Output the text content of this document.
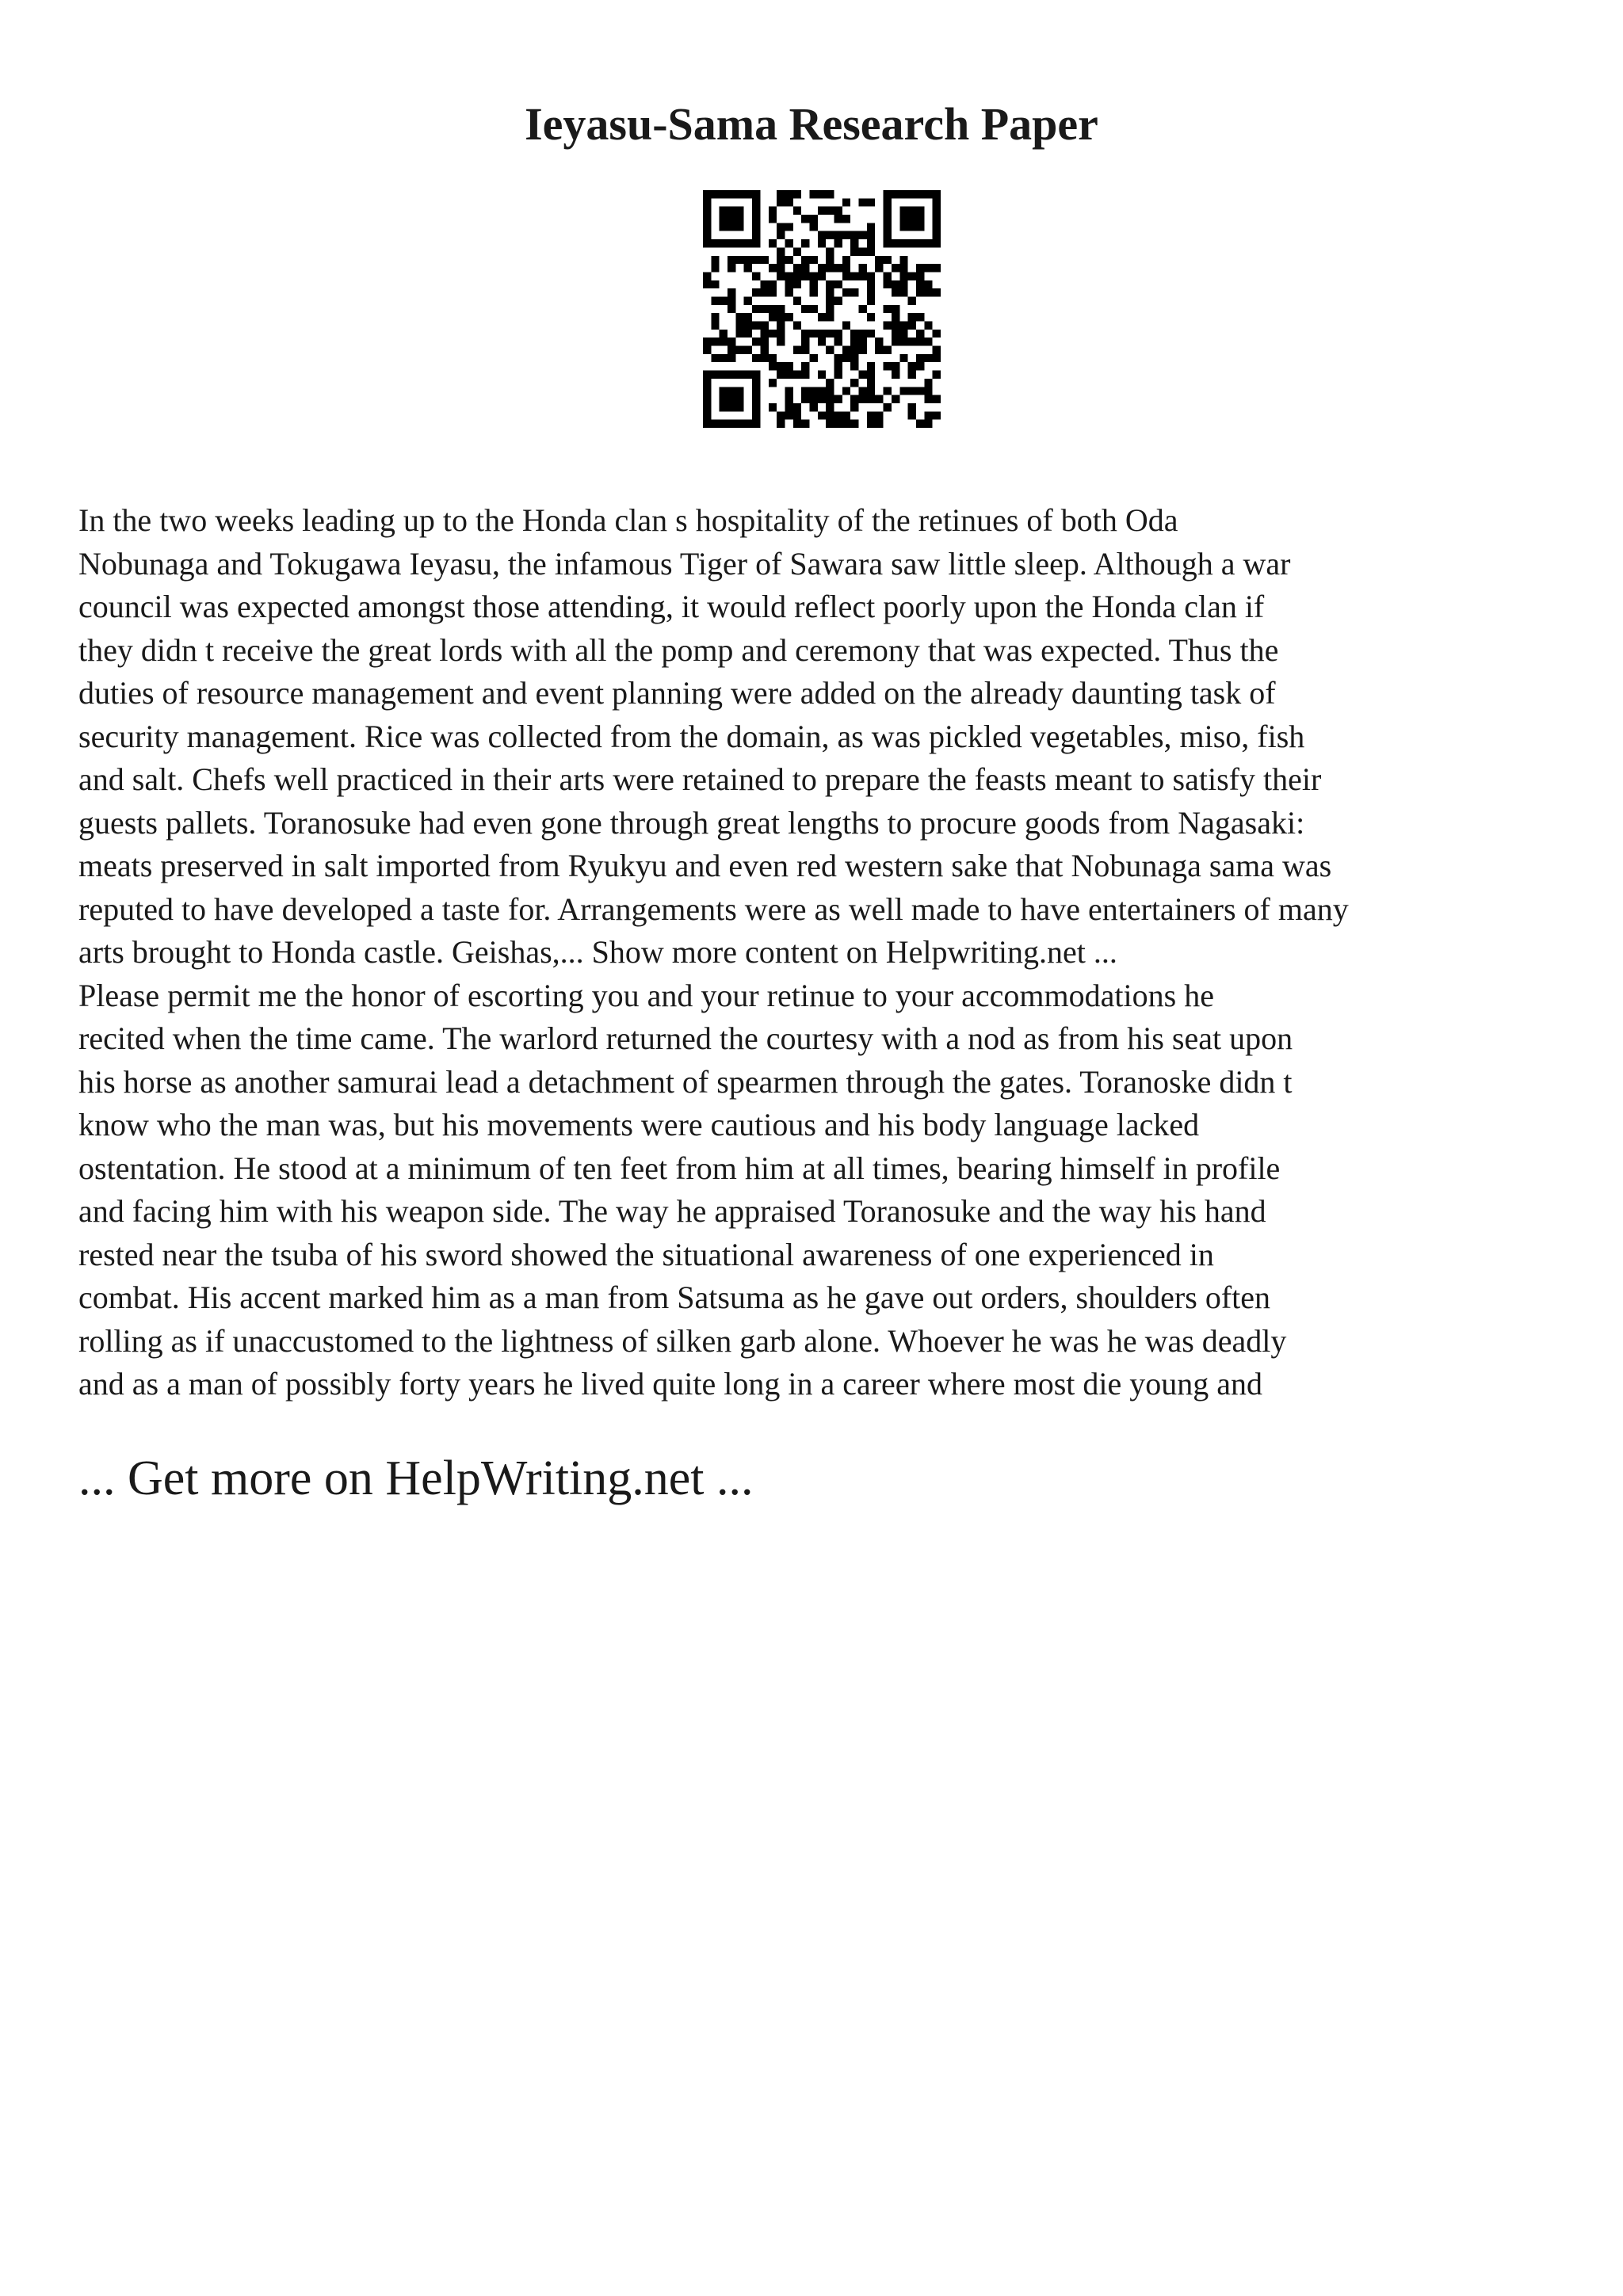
Ieyasu-Sama Research Paper
In the two weeks leading up to the Honda clan s hospitality of the retinues of both Oda
Nobunaga and Tokugawa Ieyasu, the infamous Tiger of Sawara saw little sleep. Although a war
council was expected amongst those attending, it would reflect poorly upon the Honda clan if
they didn t receive the great lords with all the pomp and ceremony that was expected. Thus the
duties of resource management and event planning were added on the already daunting task of
security management. Rice was collected from the domain, as was pickled vegetables, miso, fish
and salt. Chefs well practiced in their arts were retained to prepare the feasts meant to satisfy their
guests pallets. Toranosuke had even gone through great lengths to procure goods from Nagasaki:
meats preserved in salt imported from Ryukyu and even red western sake that Nobunaga sama was
reputed to have developed a taste for. Arrangements were as well made to have entertainers of many
arts brought to Honda castle. Geishas,... Show more content on Helpwriting.net ...
Please permit me the honor of escorting you and your retinue to your accommodations he
recited when the time came. The warlord returned the courtesy with a nod as from his seat upon
his horse as another samurai lead a detachment of spearmen through the gates. Toranoske didn t
know who the man was, but his movements were cautious and his body language lacked
ostentation. He stood at a minimum of ten feet from him at all times, bearing himself in profile
and facing him with his weapon side. The way he appraised Toranosuke and the way his hand
rested near the tsuba of his sword showed the situational awareness of one experienced in
combat. His accent marked him as a man from Satsuma as he gave out orders, shoulders often
rolling as if unaccustomed to the lightness of silken garb alone. Whoever he was he was deadly
and as a man of possibly forty years he lived quite long in a career where most die young and
... Get more on HelpWriting.net ...
